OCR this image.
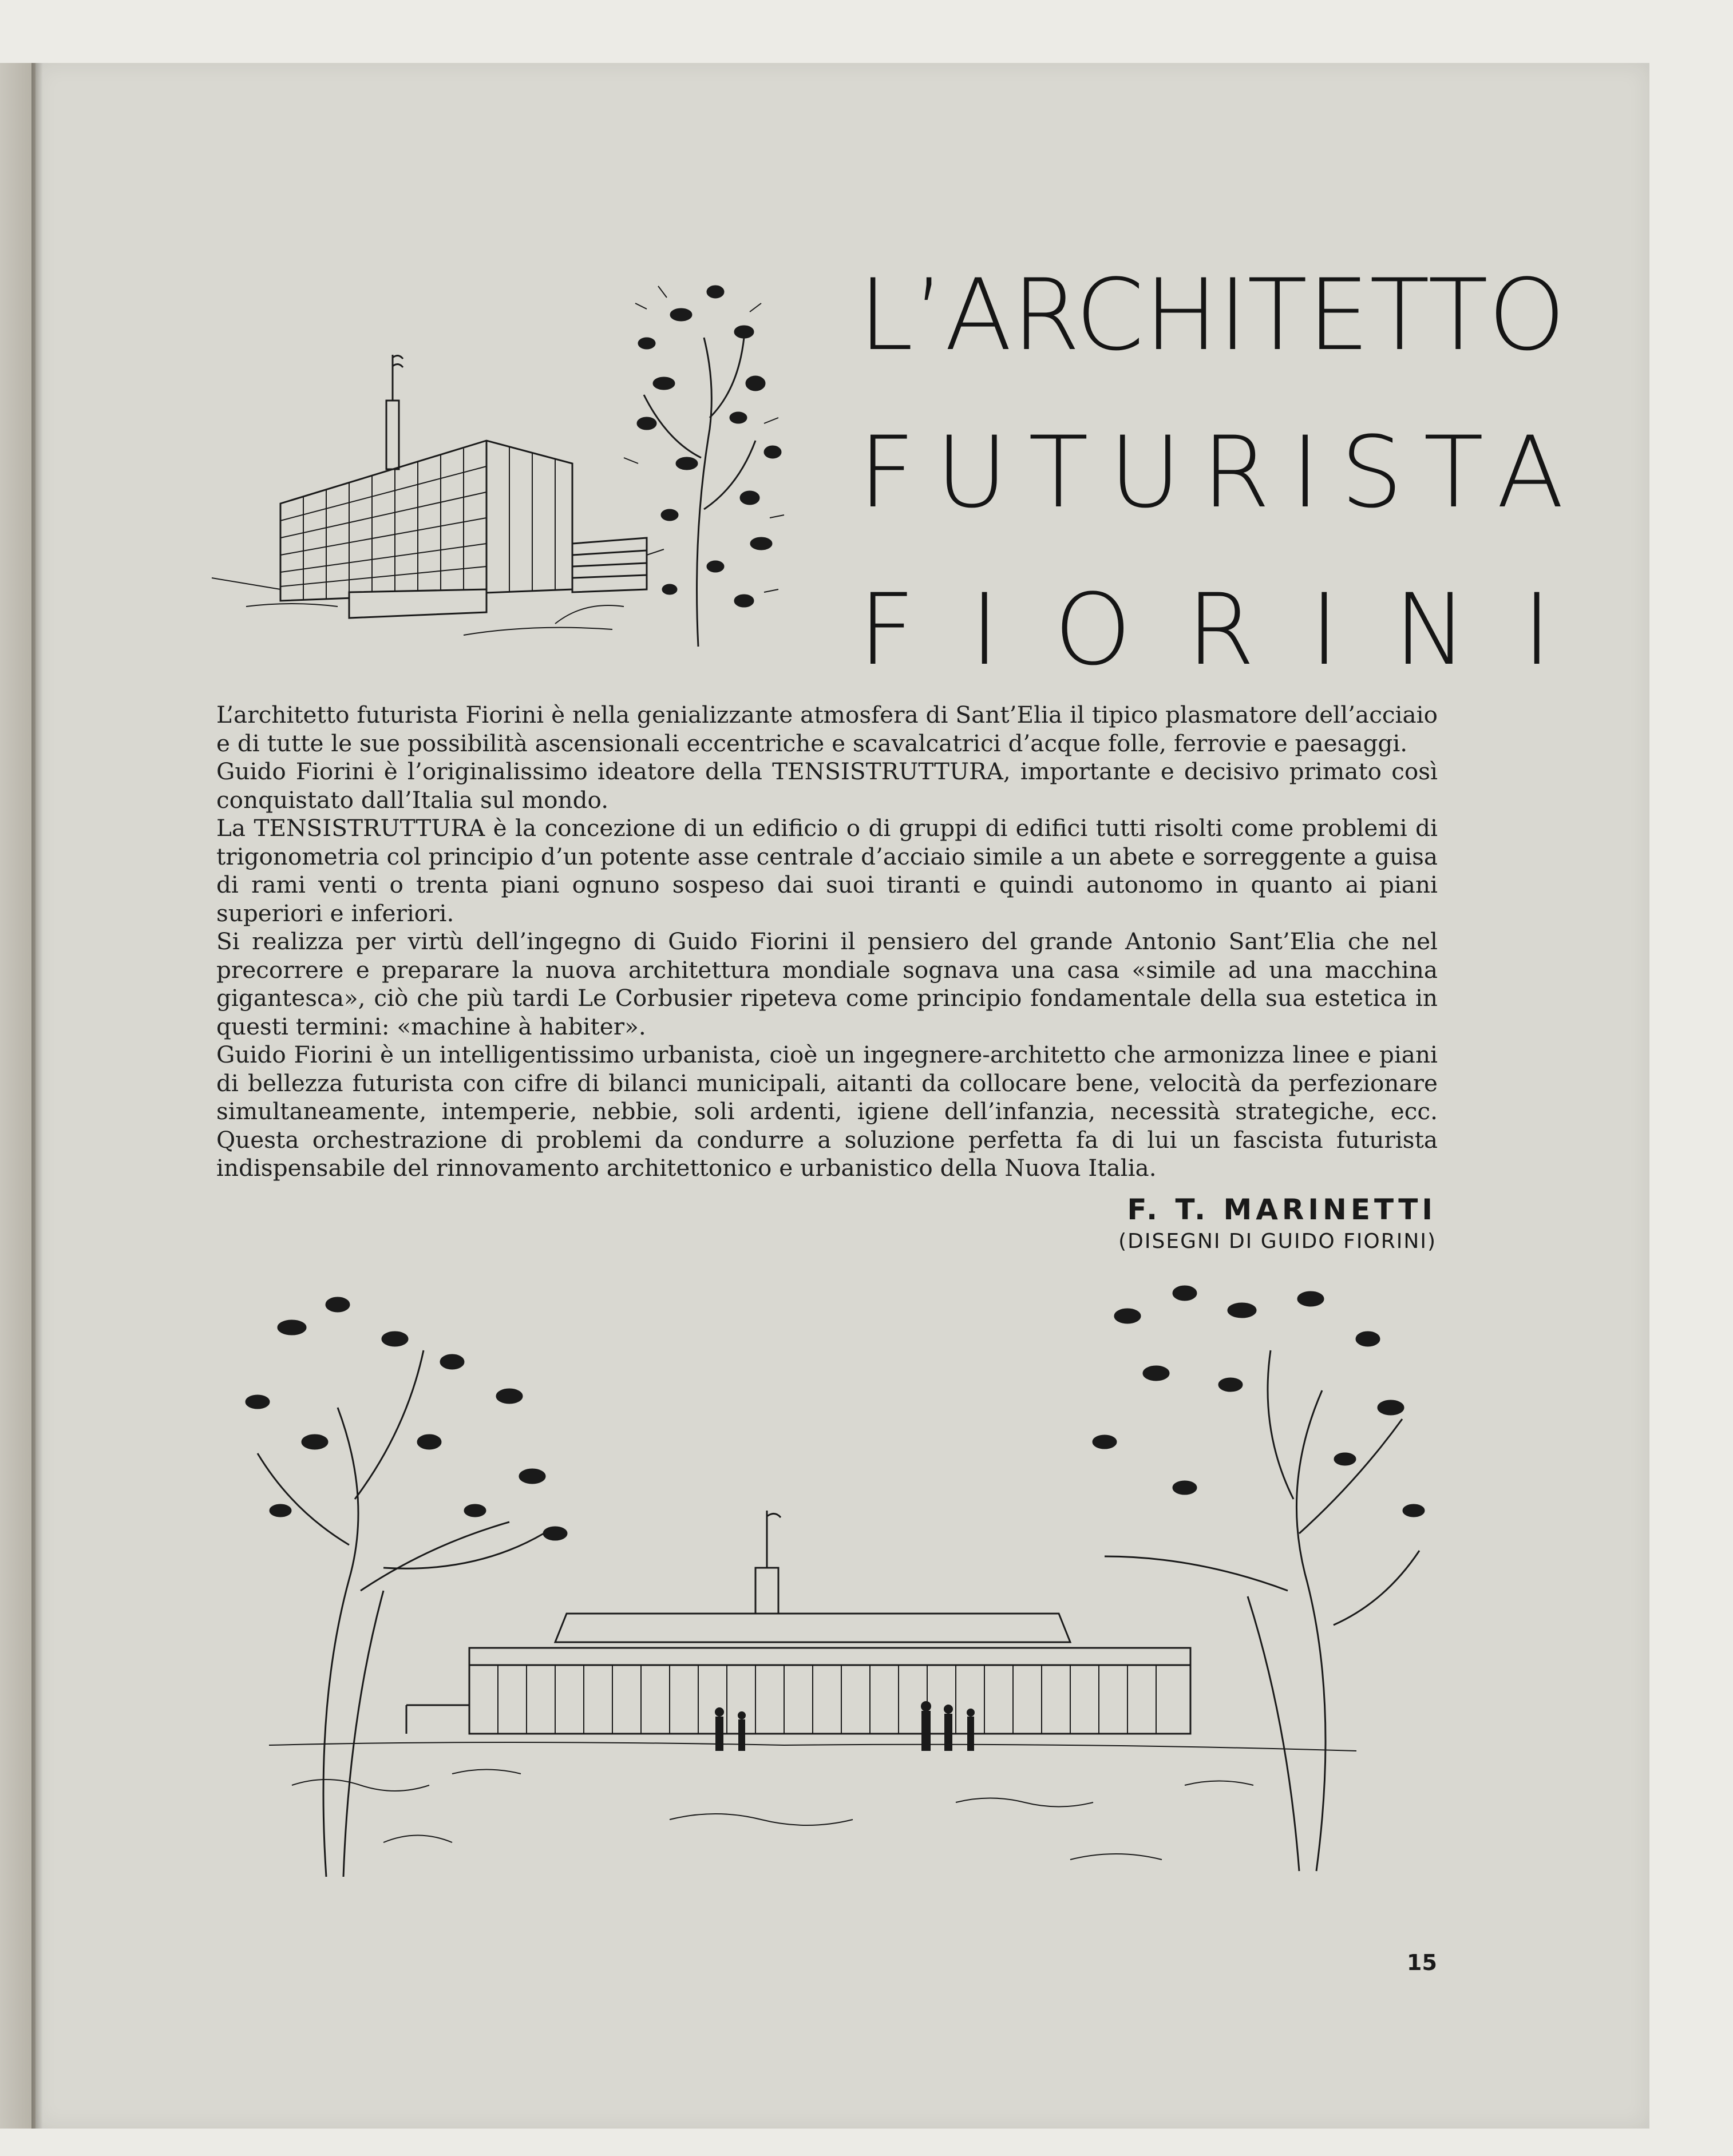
L’ARCHITETTO
FUTURISTA
FIORINI

L’architetto futurista Fiorini è nella genializzante atmosfera di Sant’Elia il tipico plasmatore dell’acciaio e di tutte le sue possibilità ascensionali eccentriche e scavalcatrici d’acque folle, ferrovie e paesaggi.

Guido Fiorini è l’originalissimo ideatore della TENSISTRUTTURA, importante e decisivo primato così conquistato dall’Italia sul mondo.

La TENSISTRUTTURA è la concezione di un edificio o di gruppi di edifici tutti risolti come problemi di trigonometria col principio d’un potente asse centrale d’acciaio simile a un abete e sorreggente a guisa di rami venti o trenta piani ognuno sospeso dai suoi tiranti e quindi autonomo in quanto ai piani superiori e inferiori.

Si realizza per virtù dell’ingegno di Guido Fiorini il pensiero del grande Antonio Sant’Elia che nel precorrere e preparare la nuova architettura mondiale sognava una casa «simile ad una macchina gigantesca», ciò che più tardi Le Corbusier ripeteva come principio fondamentale della sua estetica in questi termini: «machine à habiter».

Guido Fiorini è un intelligentissimo urbanista, cioè un ingegnere-architetto che armonizza linee e piani di bellezza futurista con cifre di bilanci municipali, aitanti da collocare bene, velocità da perfezionare simultaneamente, intemperie, nebbie, soli ardenti, igiene dell’infanzia, necessità strategiche, ecc. Questa orchestrazione di problemi da condurre a soluzione perfetta fa di lui un fascista futurista indispensabile del rinnovamento architettonico e urbanistico della Nuova Italia.

F. T. MARINETTI
(DISEGNI DI GUIDO FIORINI)
15
